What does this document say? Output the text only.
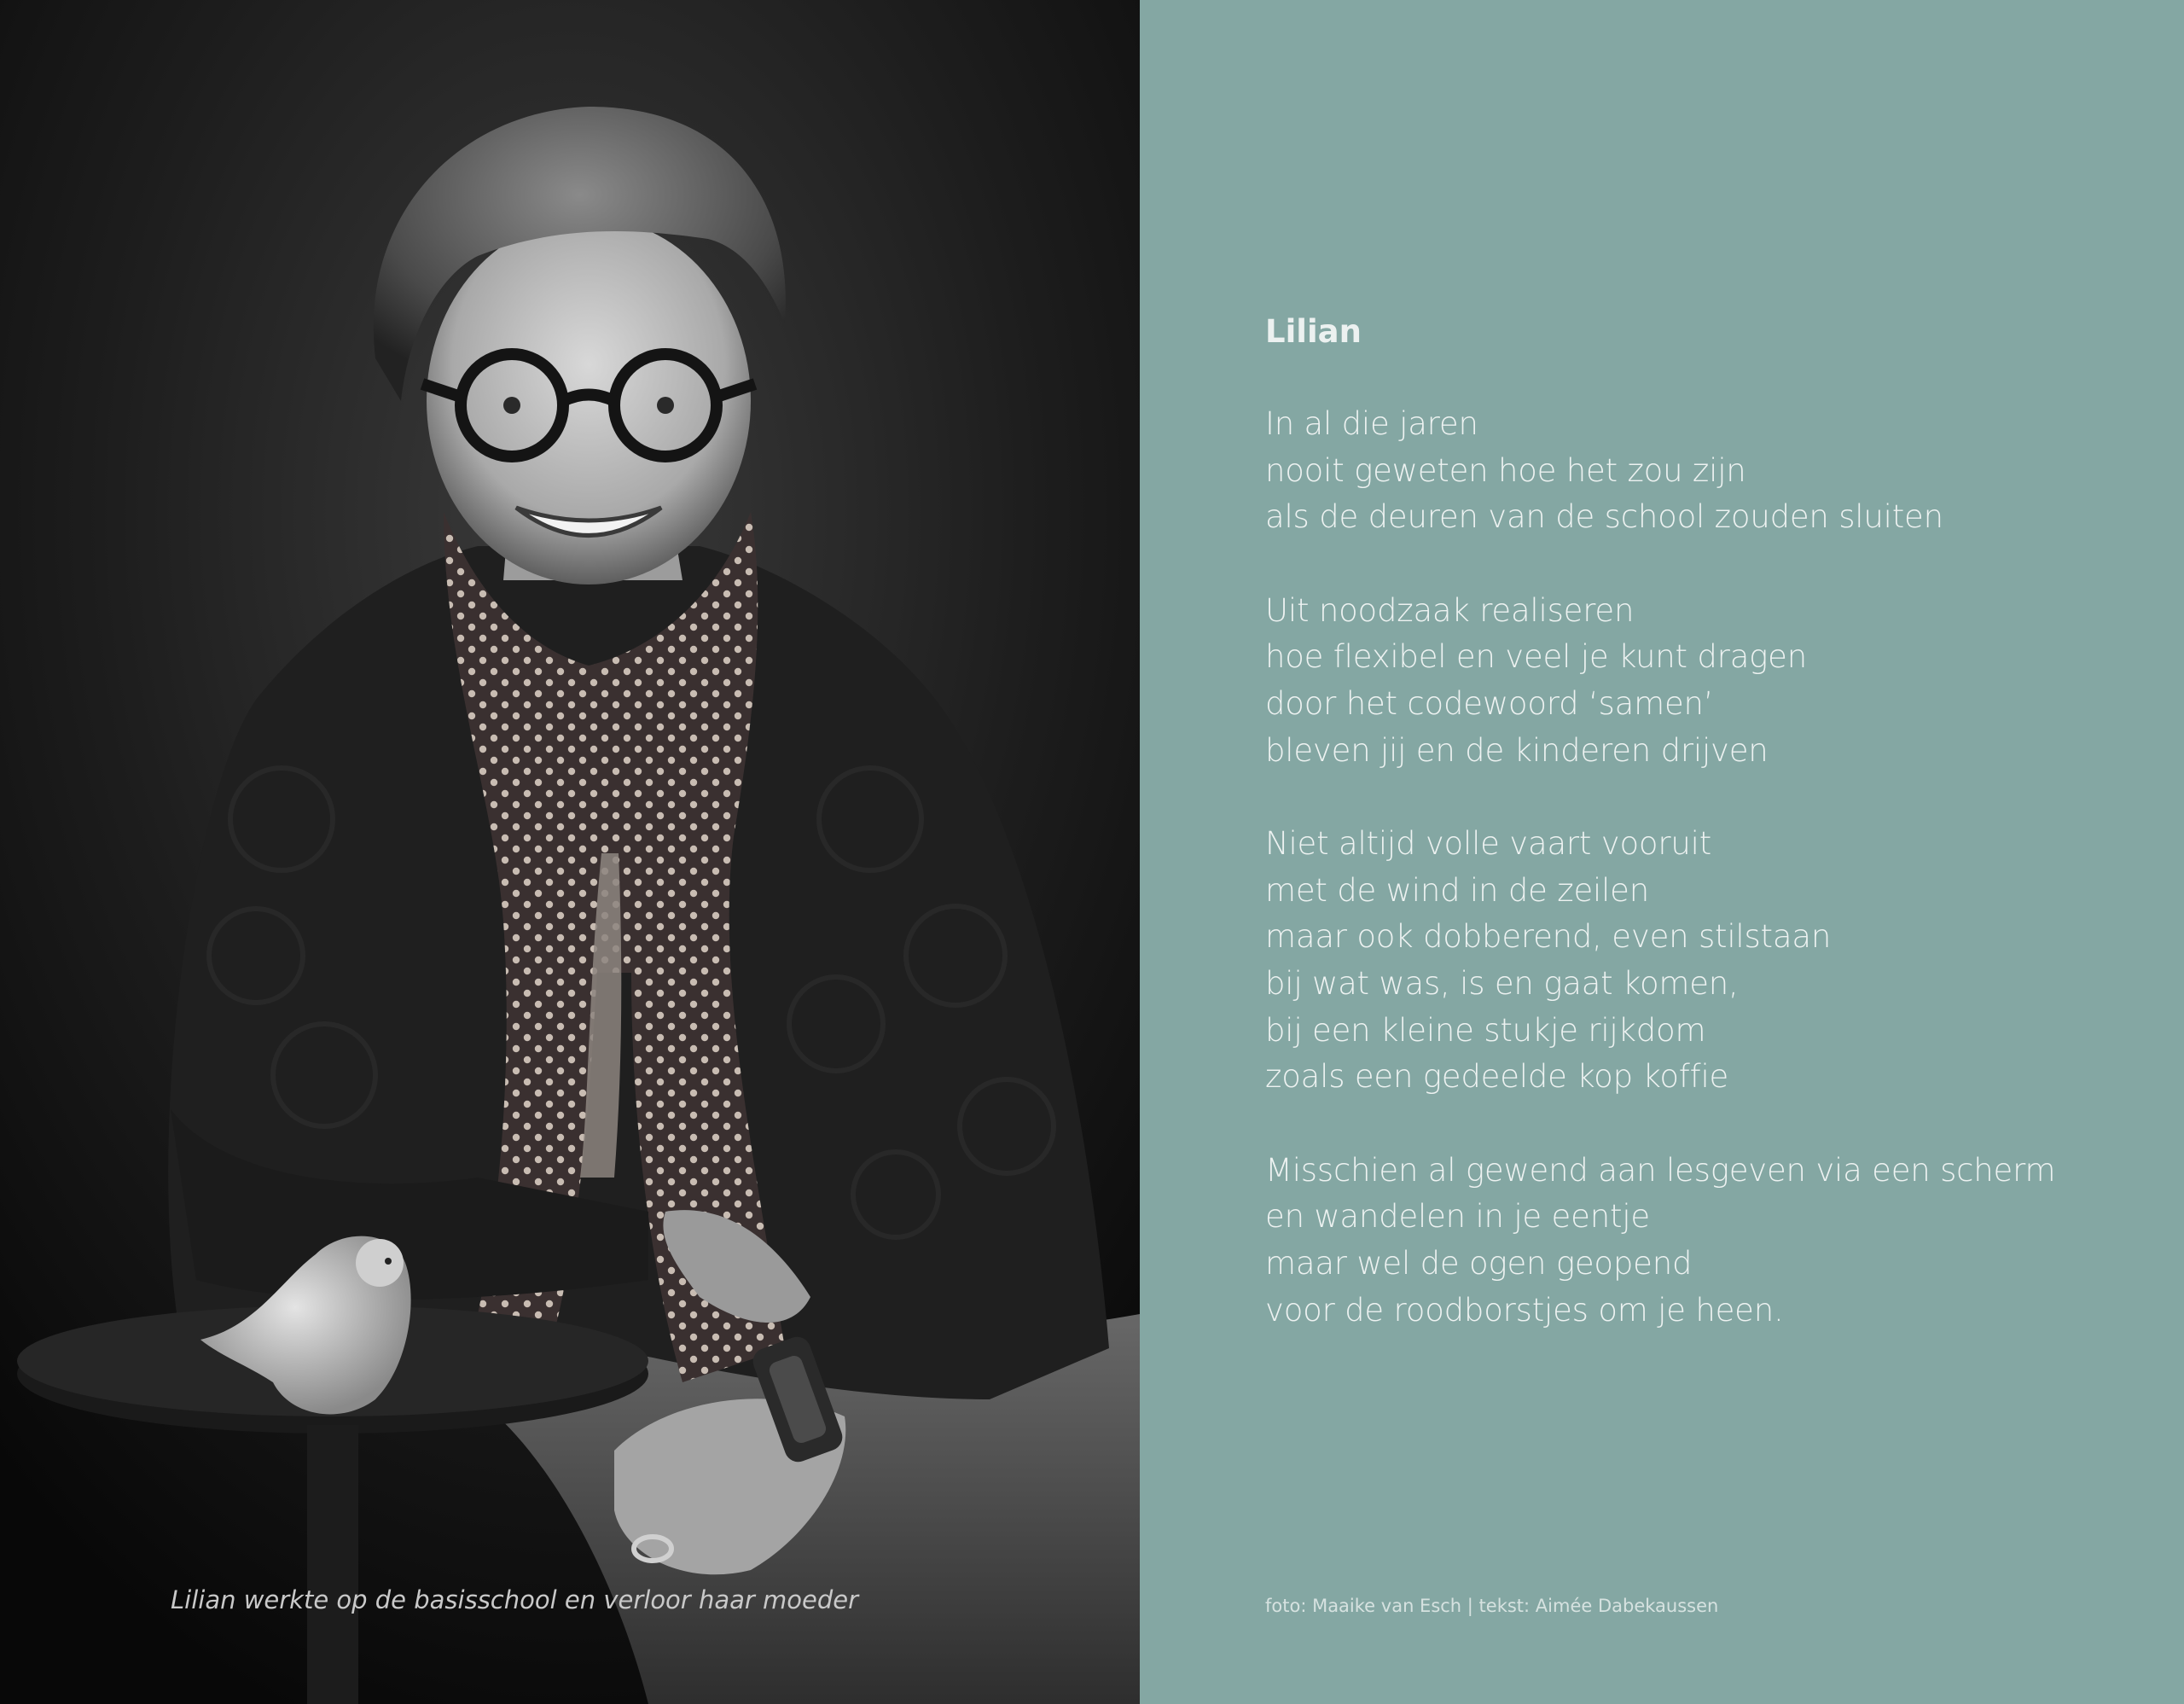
Lilian werkte op de basisschool en verloor haar moeder
Lilian
In al die jaren
nooit geweten hoe het zou zijn
als de deuren van de school zouden sluiten
Uit noodzaak realiseren
hoe flexibel en veel je kunt dragen
door het codewoord ‘samen’
bleven jij en de kinderen drijven
Niet altijd volle vaart vooruit
met de wind in de zeilen
maar ook dobberend, even stilstaan
bij wat was, is en gaat komen,
bij een kleine stukje rijkdom
zoals een gedeelde kop koffie
Misschien al gewend aan lesgeven via een scherm
en wandelen in je eentje
maar wel de ogen geopend
voor de roodborstjes om je heen.
foto: Maaike van Esch | tekst: Aimée Dabekaussen
